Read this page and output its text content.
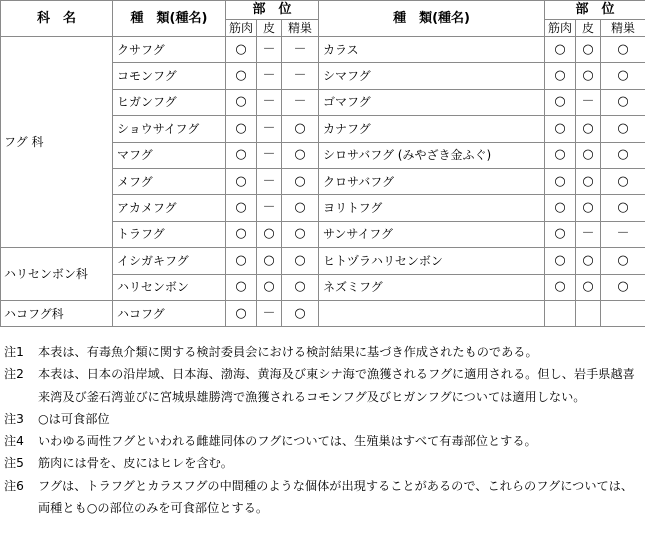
科　名	種　類(種名)	部　位			種　類(種名)	部　位		
		筋肉	皮	精巣		筋肉	皮	精巣
フグ 科	クサフグ	○	－	－	カラス	○	○	○
	コモンフグ	○	－	－	シマフグ	○	○	○
	ヒガンフグ	○	－	－	ゴマフグ	○	－	○
	ショウサイフグ	○	－	○	カナフグ	○	○	○
	マフグ	○	－	○	シロサバフグ (みやざき金ふぐ)	○	○	○
	メフグ	○	－	○	クロサバフグ	○	○	○
	アカメフグ	○	－	○	ヨリトフグ	○	○	○
	トラフグ	○	○	○	サンサイフグ	○	－	－
ハリセンボン科	イシガキフグ	○	○	○	ヒトヅラハリセンボン	○	○	○
	ハリセンボン	○	○	○	ネズミフグ	○	○	○
ハコフグ科	ハコフグ	○	－	○				
注1	本表は、有毒魚介類に関する検討委員会における検討結果に基づき作成されたものである。
注2	本表は、日本の沿岸域、日本海、渤海、黄海及び東シナ海で漁獲されるフグに適用される。但し、岩手県越喜来湾及び釜石湾並びに宮城県雄勝湾で漁獲されるコモンフグ及びヒガンフグについては適用しない。
注3	○は可食部位
注4	いわゆる両性フグといわれる雌雄同体のフグについては、生殖巣はすべて有毒部位とする。
注5	筋肉には骨を、皮にはヒレを含む。
注6	フグは、トラフグとカラスフグの中間種のような個体が出現することがあるので、これらのフグについては、両種とも○の部位のみを可食部位とする。
